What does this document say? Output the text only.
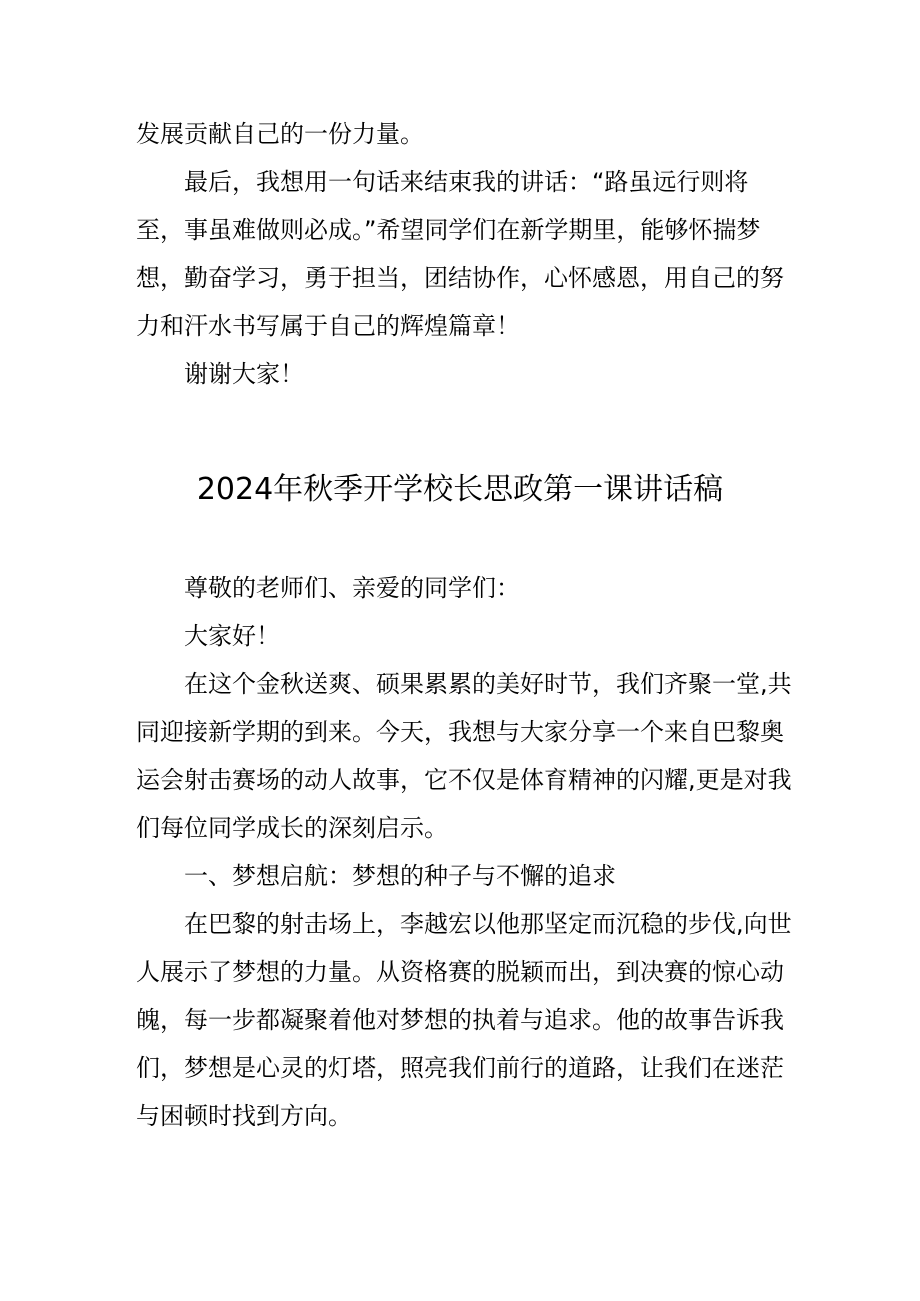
发展贡献自己的一份力量。

最后，我想用一句话来结束我的讲话：“路虽远行则将至，事虽难做则必成。”希望同学们在新学期里，能够怀揣梦想，勤奋学习，勇于担当，团结协作，心怀感恩，用自己的努力和汗水书写属于自己的辉煌篇章！

谢谢大家！

2024年秋季开学校长思政第一课讲话稿

尊敬的老师们、亲爱的同学们：

大家好！

在这个金秋送爽、硕果累累的美好时节，我们齐聚一堂,共同迎接新学期的到来。今天，我想与大家分享一个来自巴黎奥运会射击赛场的动人故事，它不仅是体育精神的闪耀,更是对我们每位同学成长的深刻启示。

一、梦想启航：梦想的种子与不懈的追求

在巴黎的射击场上，李越宏以他那坚定而沉稳的步伐,向世人展示了梦想的力量。从资格赛的脱颖而出，到决赛的惊心动魄，每一步都凝聚着他对梦想的执着与追求。他的故事告诉我们，梦想是心灵的灯塔，照亮我们前行的道路，让我们在迷茫与困顿时找到方向。
